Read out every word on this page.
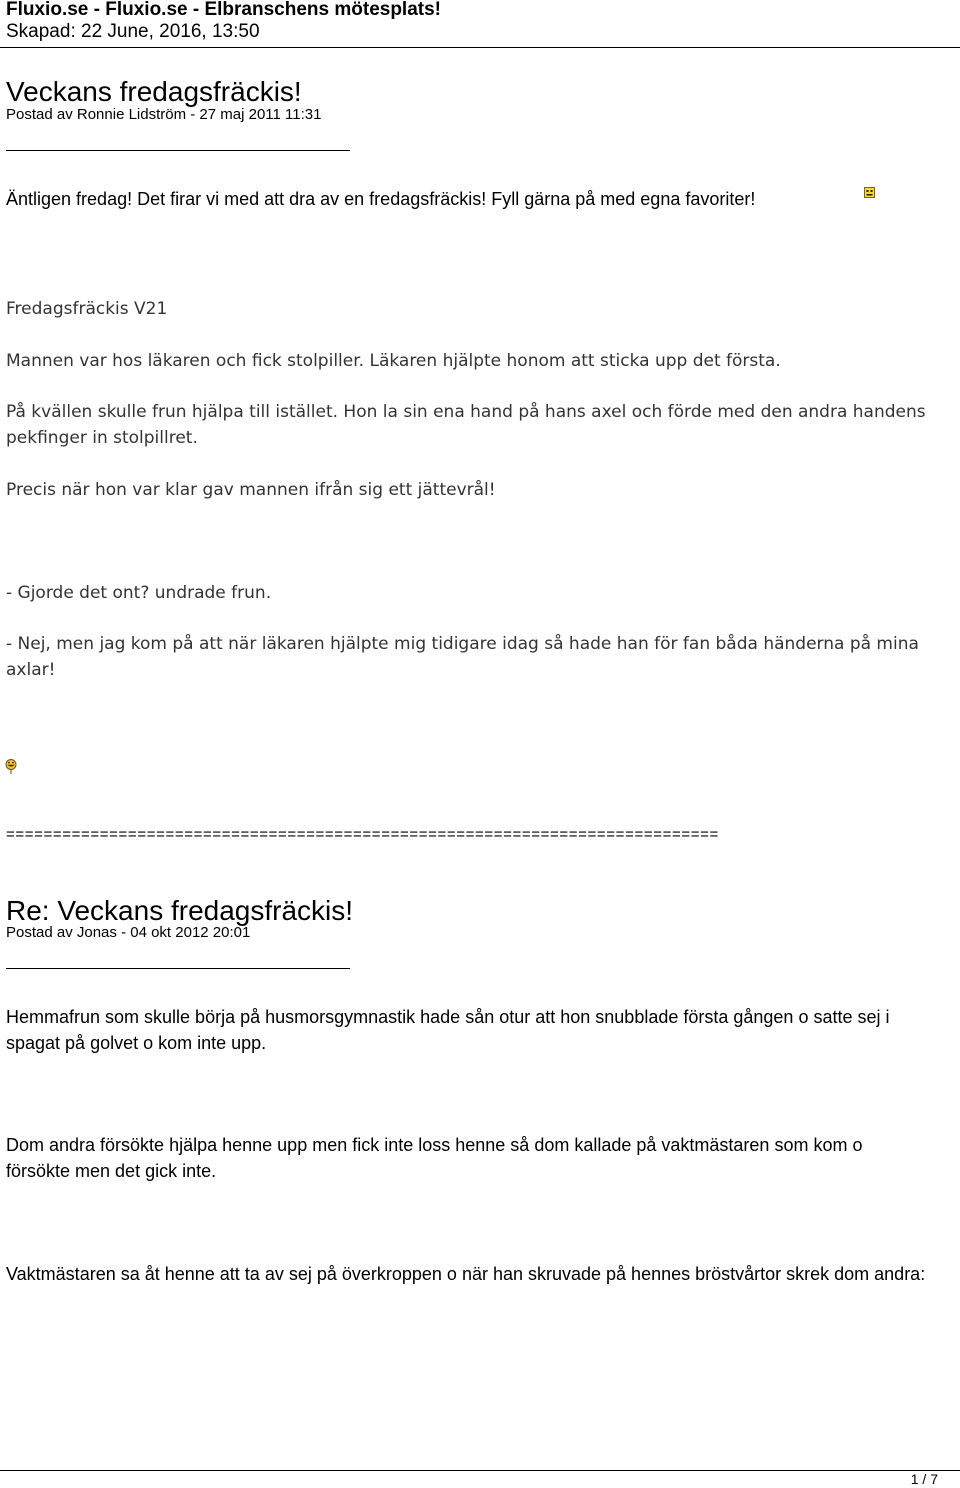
Fluxio.se - Fluxio.se - Elbranschens mötesplats!
Skapad: 22 June, 2016, 13:50
Veckans fredagsfräckis!
Postad av Ronnie Lidström - 27 maj 2011 11:31

Äntligen fredag! Det firar vi med att dra av en fredagsfräckis! Fyll gärna på med egna favoriter!

Fredagsfräckis V21

Mannen var hos läkaren och fick stolpiller. Läkaren hjälpte honom att sticka upp det första.

På kvällen skulle frun hjälpa till istället. Hon la sin ena hand på hans axel och förde med den andra handens pekfinger in stolpillret.

Precis när hon var klar gav mannen ifrån sig ett jättevrål!

- Gjorde det ont? undrade frun.

- Nej, men jag kom på att när läkaren hjälpte mig tidigare idag så hade han för fan båda händerna på mina axlar!

============================================================================
Re: Veckans fredagsfräckis!
Postad av Jonas - 04 okt 2012 20:01

Hemmafrun som skulle börja på husmorsgymnastik hade sån otur att hon snubblade första gången o satte sej i spagat på golvet o kom inte upp.

Dom andra försökte hjälpa henne upp men fick inte loss henne så dom kallade på vaktmästaren som kom o försökte men det gick inte.

Vaktmästaren sa åt henne att ta av sej på överkroppen o när han skruvade på hennes bröstvårtor skrek dom andra:

1 / 7
